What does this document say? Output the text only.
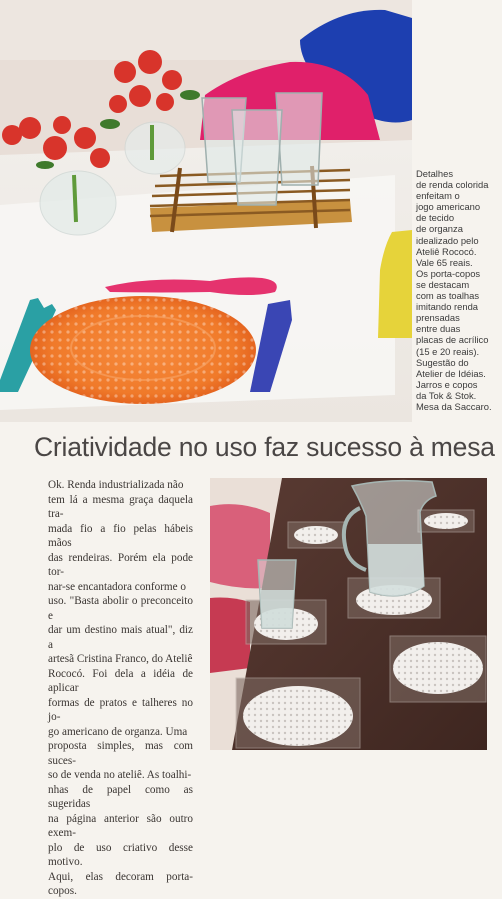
Detalhes
de renda colorida
enfeitam o
jogo americano
de tecido
de organza
idealizado pelo
Ateliê Rococó.
Vale 65 reais.
Os porta-copos
se destacam
com as toalhas
imitando renda
prensadas
entre duas
placas de acrílico
(15 e 20 reais).
Sugestão do
Atelier de Idéias.
Jarros e copos
da Tok & Stok.
Mesa da Saccaro.
Criatividade no uso faz sucesso à mesa

Ok. Renda industrializada não

tem lá a mesma graça daquela tra-

mada fio a fio pelas hábeis mãos

das rendeiras. Porém ela pode tor-

nar-se encantadora conforme o

uso. "Basta abolir o preconceito e

dar um destino mais atual", diz a

artesã Cristina Franco, do Ateliê

Rococó. Foi dela a idéia de aplicar

formas de pratos e talheres no jo-

go americano de organza. Uma

proposta simples, mas com suces-

so de venda no ateliê. As toalhi-

nhas de papel como as sugeridas

na página anterior são outro exem-

plo de uso criativo desse motivo.

Aqui, elas decoram porta-copos.
